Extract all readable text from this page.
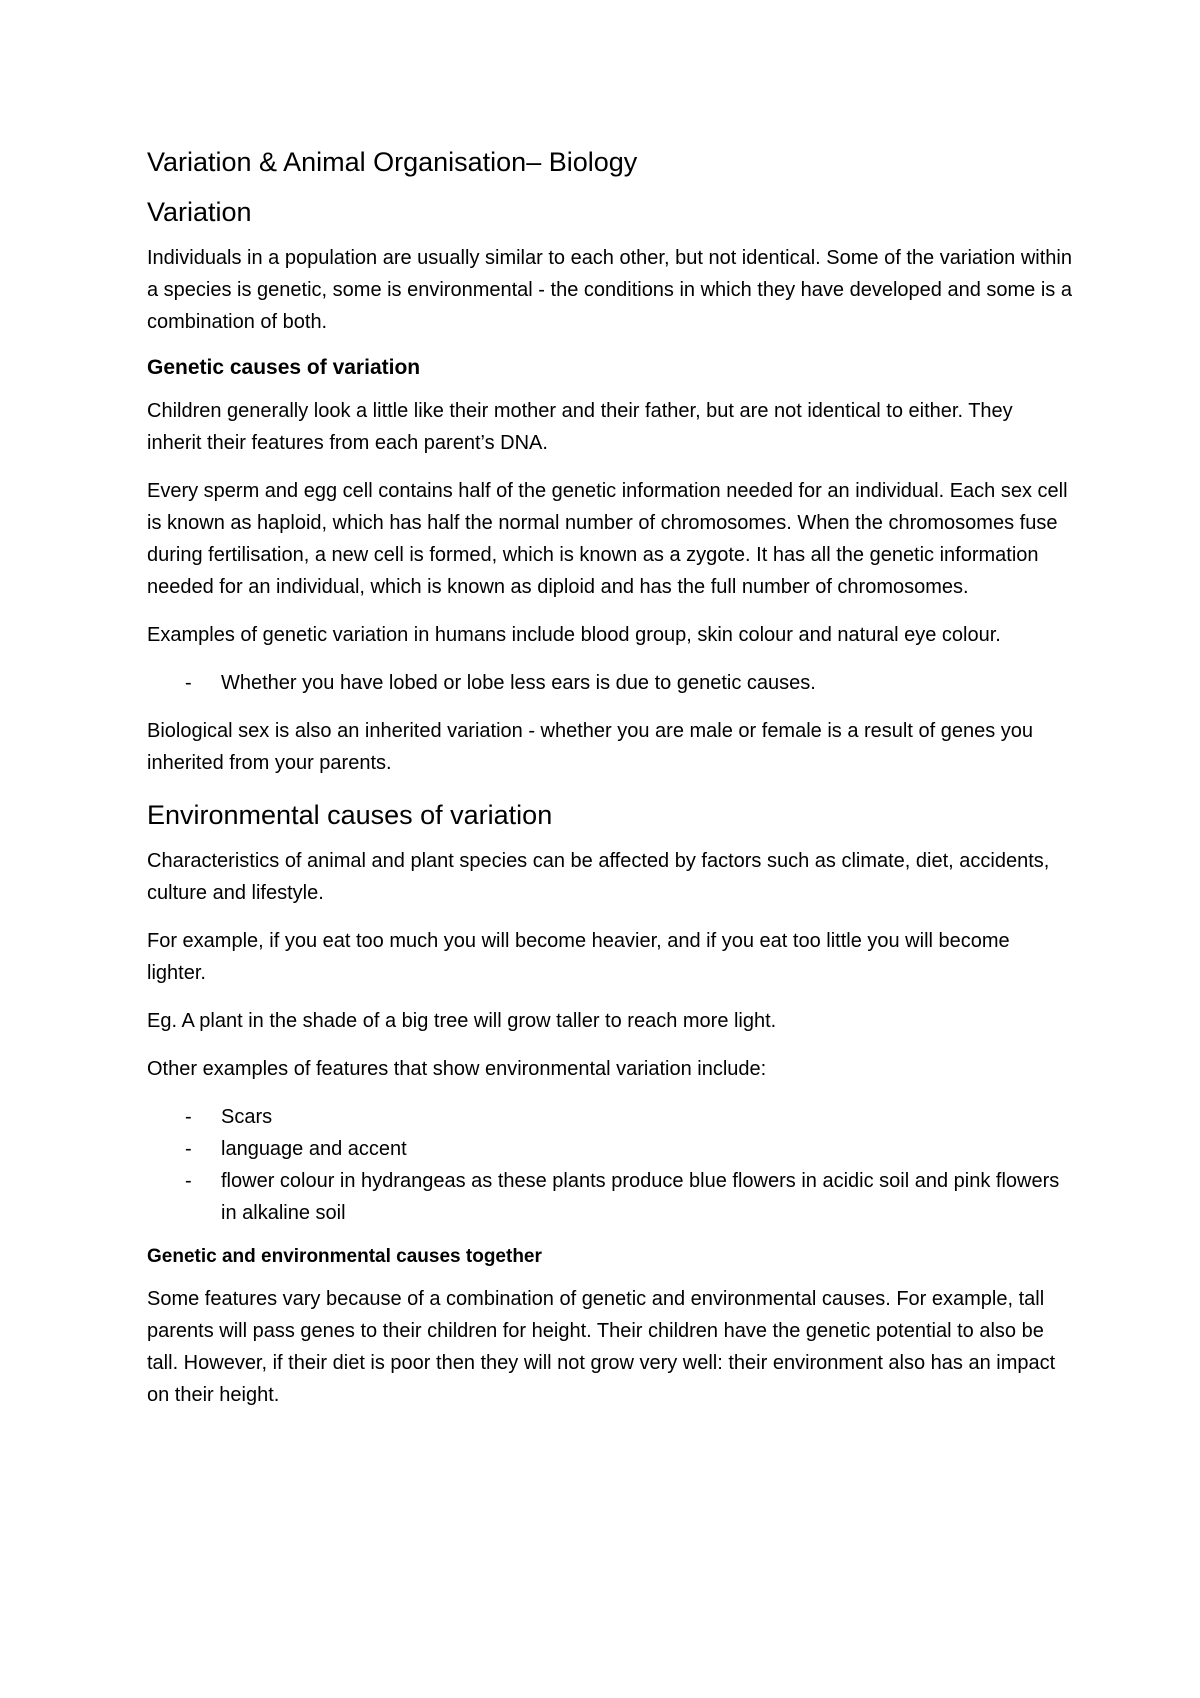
Variation & Animal Organisation– Biology
Variation

Individuals in a population are usually similar to each other, but not identical. Some of the variation within a species is genetic, some is environmental - the conditions in which they have developed and some is a combination of both.

Genetic causes of variation

Children generally look a little like their mother and their father, but are not identical to either. They inherit their features from each parent’s DNA.

Every sperm and egg cell contains half of the genetic information needed for an individual. Each sex cell is known as haploid, which has half the normal number of chromosomes. When the chromosomes fuse during fertilisation, a new cell is formed, which is known as a zygote. It has all the genetic information needed for an individual, which is known as diploid and has the full number of chromosomes.

Examples of genetic variation in humans include blood group, skin colour and natural eye colour.

- Whether you have lobed or lobe less ears is due to genetic causes.

Biological sex is also an inherited variation - whether you are male or female is a result of genes you inherited from your parents.

Environmental causes of variation

Characteristics of animal and plant species can be affected by factors such as climate, diet, accidents, culture and lifestyle.

For example, if you eat too much you will become heavier, and if you eat too little you will become lighter.

Eg. A plant in the shade of a big tree will grow taller to reach more light.

Other examples of features that show environmental variation include:

- Scars
- language and accent
- flower colour in hydrangeas as these plants produce blue flowers in acidic soil and pink flowers in alkaline soil
Genetic and environmental causes together

Some features vary because of a combination of genetic and environmental causes. For example, tall parents will pass genes to their children for height. Their children have the genetic potential to also be tall. However, if their diet is poor then they will not grow very well: their environment also has an impact on their height.
